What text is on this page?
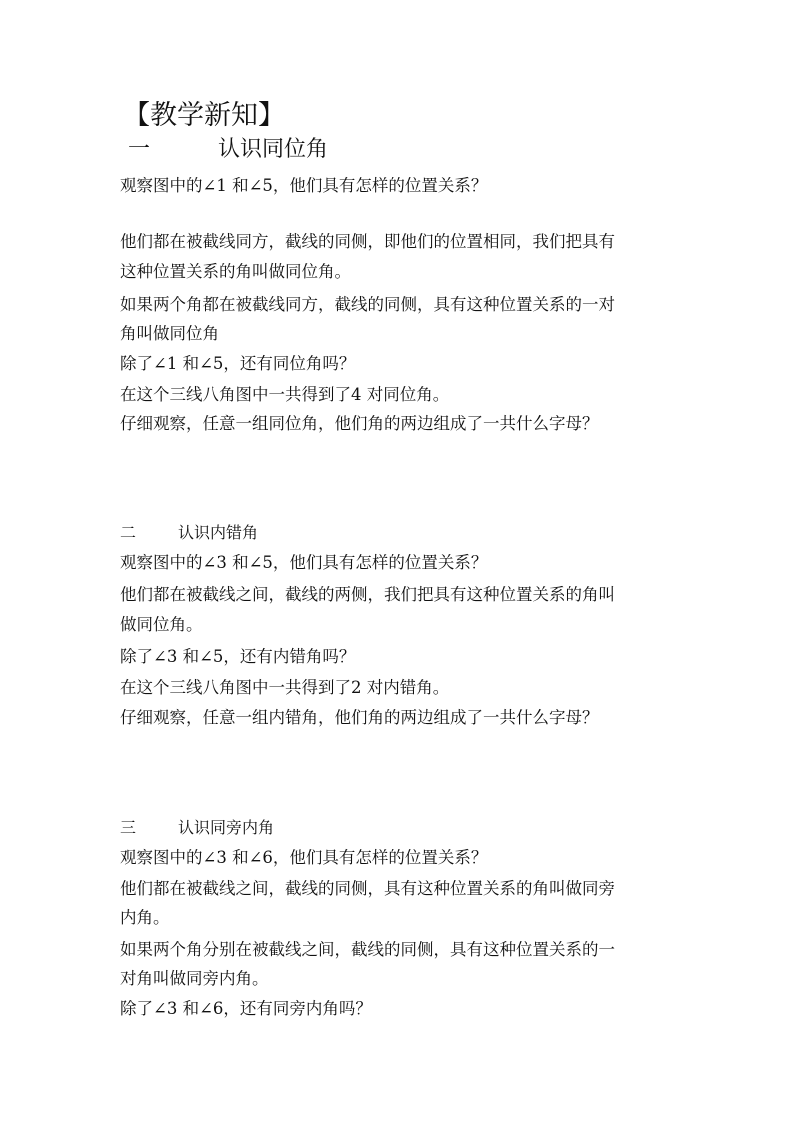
【教学新知】
一	认识同位角
观察图中的∠1 和∠5，他们具有怎样的位置关系？
他们都在被截线同方，截线的同侧，即他们的位置相同，我们把具有
这种位置关系的角叫做同位角。
如果两个角都在被截线同方，截线的同侧，具有这种位置关系的一对
角叫做同位角
除了∠1 和∠5，还有同位角吗？
在这个三线八角图中一共得到了4 对同位角。
仔细观察，任意一组同位角，他们角的两边组成了一共什么字母？
二	认识内错角
观察图中的∠3 和∠5，他们具有怎样的位置关系？
他们都在被截线之间，截线的两侧，我们把具有这种位置关系的角叫
做同位角。
除了∠3 和∠5，还有内错角吗？
在这个三线八角图中一共得到了2 对内错角。
仔细观察，任意一组内错角，他们角的两边组成了一共什么字母？
三	认识同旁内角
观察图中的∠3 和∠6，他们具有怎样的位置关系？
他们都在被截线之间，截线的同侧，具有这种位置关系的角叫做同旁
内角。
如果两个角分别在被截线之间，截线的同侧，具有这种位置关系的一
对角叫做同旁内角。
除了∠3 和∠6，还有同旁内角吗？
